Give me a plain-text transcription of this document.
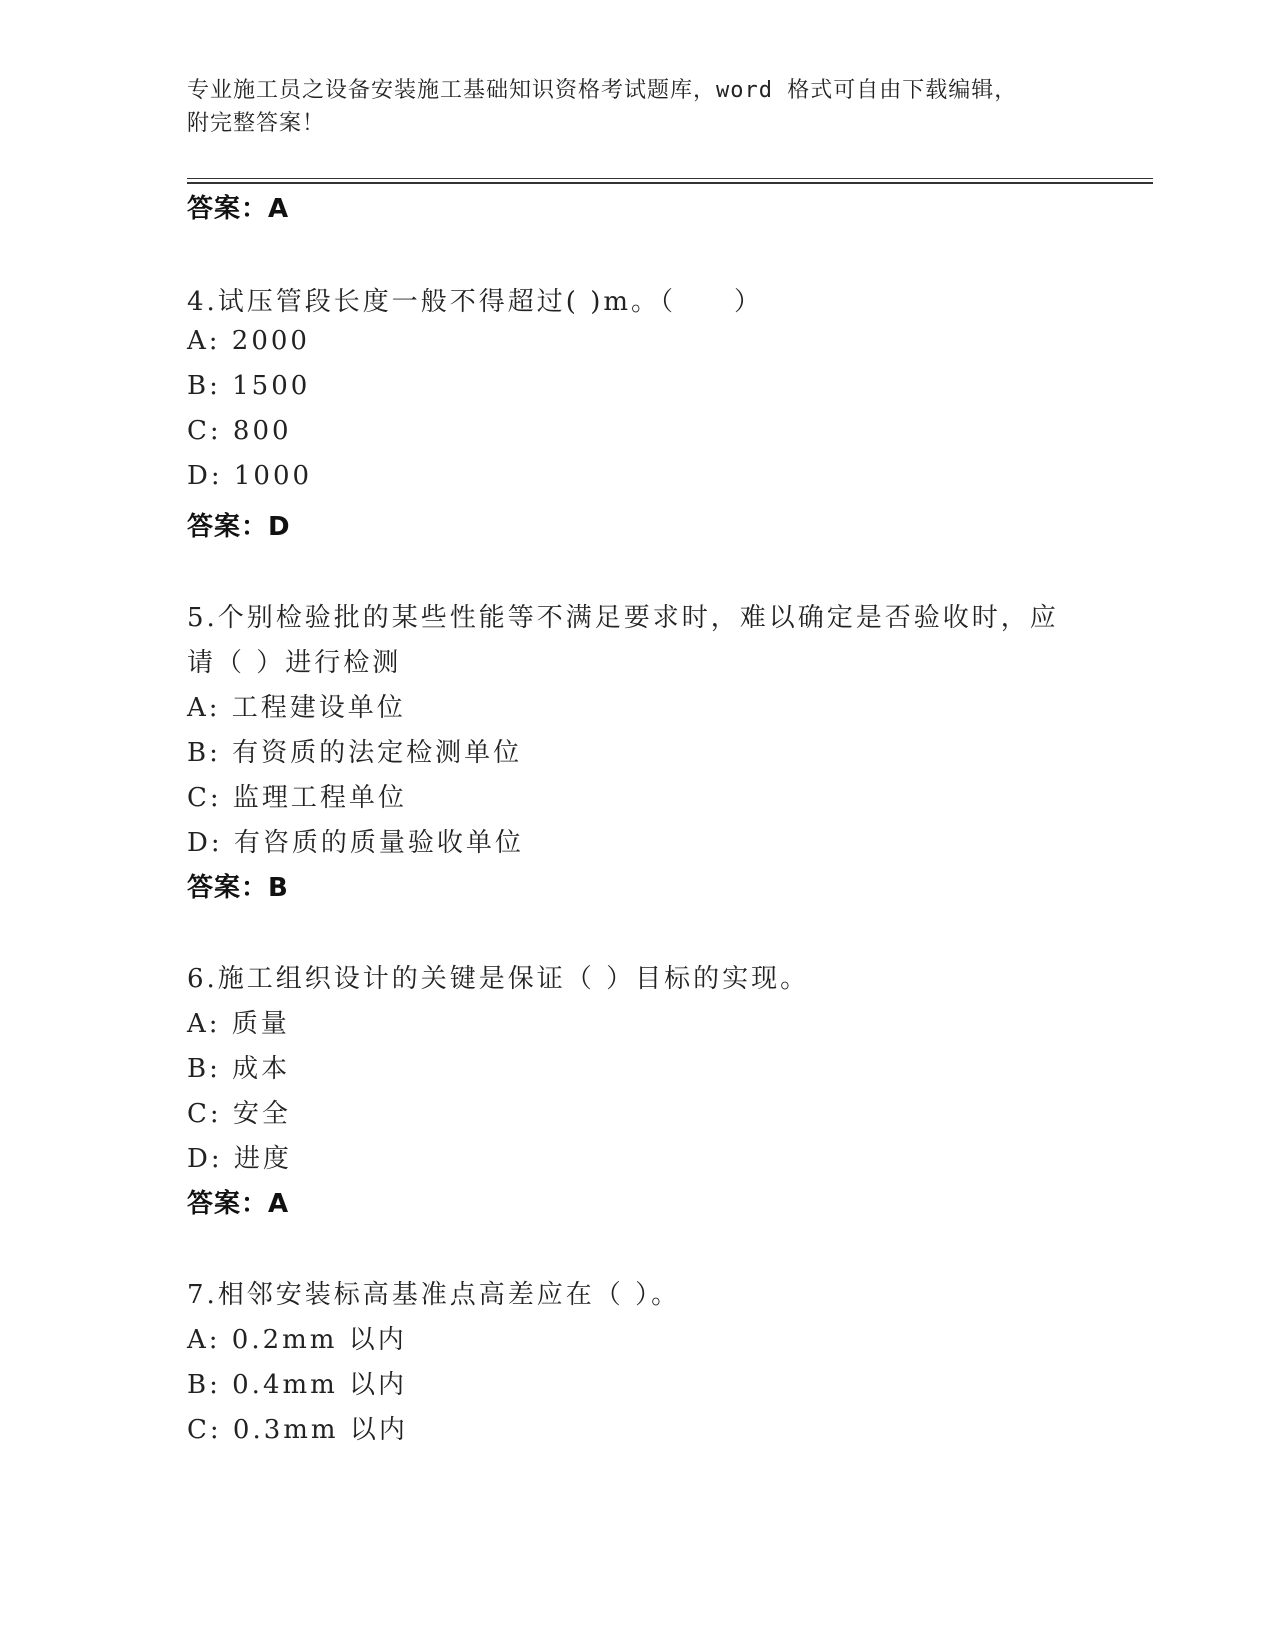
专业施工员之设备安装施工基础知识资格考试题库，word 格式可自由下载编辑，
附完整答案！
答案：A
4.试压管段长度一般不得超过( )m。（　　）
A: 2000
B: 1500
C: 800
D: 1000
答案：D
5.个别检验批的某些性能等不满足要求时，难以确定是否验收时，应
请（ ）进行检测
A: 工程建设单位
B: 有资质的法定检测单位
C: 监理工程单位
D: 有咨质的质量验收单位
答案：B
6.施工组织设计的关键是保证（ ）目标的实现。
A: 质量
B: 成本
C: 安全
D: 进度
答案：A
7.相邻安装标高基准点高差应在（ ）。
A: 0.2mm 以内
B: 0.4mm 以内
C: 0.3mm 以内
